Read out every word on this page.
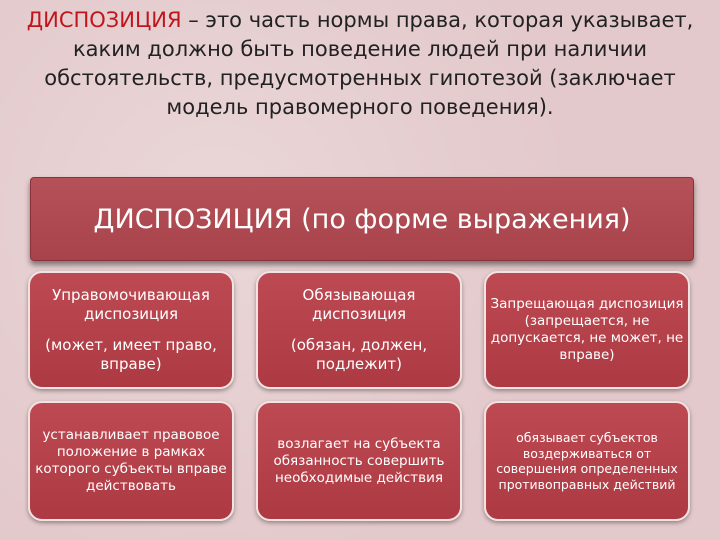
ДИСПОЗИЦИЯ – это часть нормы права, которая указывает, каким должно быть поведение людей при наличии обстоятельств, предусмотренных гипотезой (заключает модель правомерного поведения).
ДИСПОЗИЦИЯ (по форме выражения)
Управомочивающая диспозиция
(может, имеет право, вправе)
Обязывающая диспозиция
(обязан, должен, подлежит)
Запрещающая диспозиция
(запрещается, не допускается, не может, не вправе)
устанавливает правовое положение в рамках которого субъекты вправе действовать
возлагает на субъекта обязанность совершить необходимые действия
обязывает субъектов воздерживаться от совершения определенных противоправных действий
